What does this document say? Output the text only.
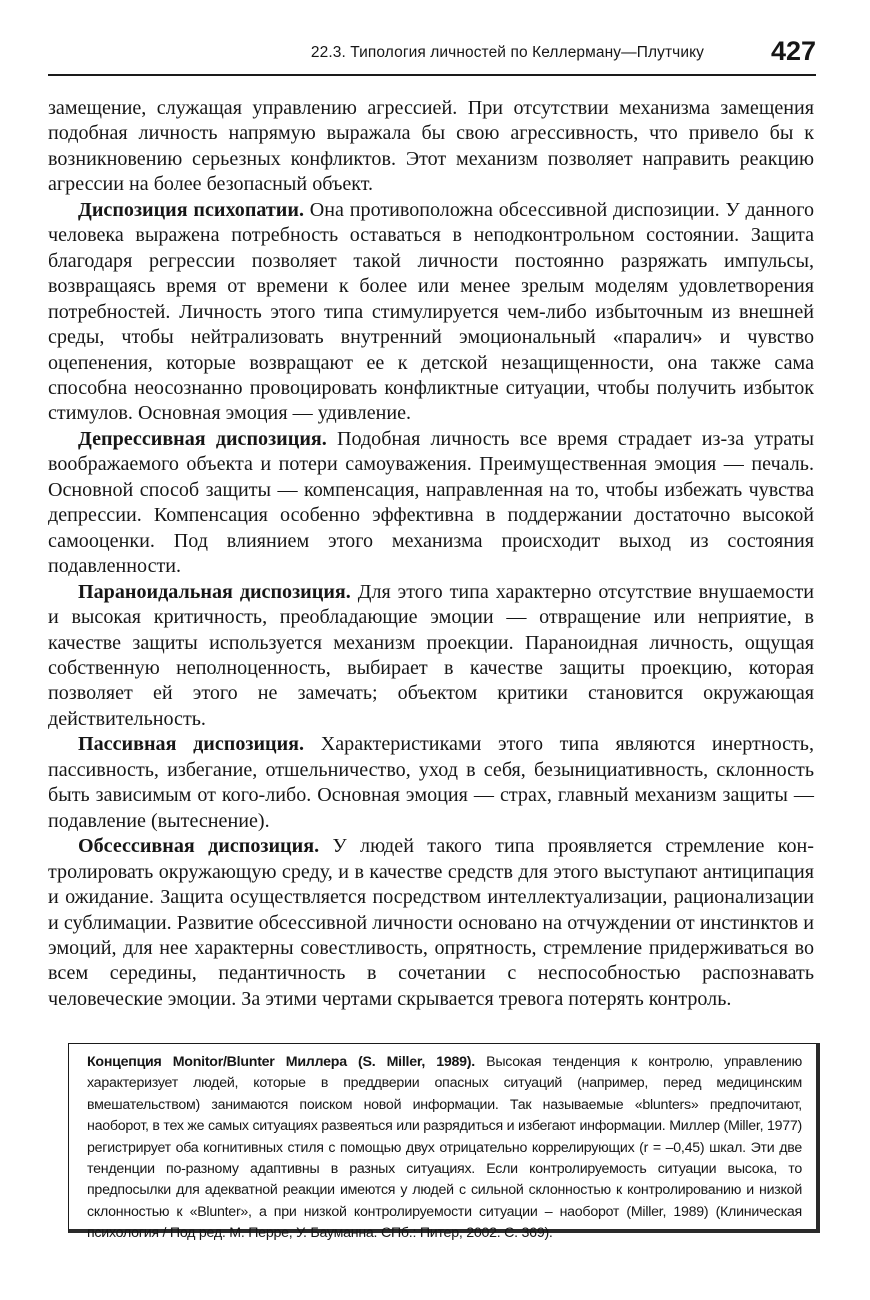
22.3. Типология личностей по Келлерману—Плутчику 427

замещение, служащая управлению агрессией. При отсутствии механизма замещения подобная личность напрямую выражала бы свою агрессивность, что привело бы к возникновению серьезных конфликтов. Этот механизм позволяет направить реакцию агрессии на более безопасный объект.

Диспозиция психопатии. Она противоположна обсессивной диспозиции. У данного человека выражена потребность оставаться в неподконтрольном состоянии. Защита благодаря регрессии позволяет такой личности постоянно разряжать импульсы, возвращаясь время от времени к более или менее зрелым моделям удовлетворения потребностей. Личность этого типа стимулируется чем-либо избыточным из внешней среды, чтобы нейтрализовать внутренний эмоциональный «паралич» и чувство оцепенения, которые возвращают ее к детской незащищенности, она также сама способна неосознанно провоцировать конфликтные ситуации, чтобы получить избыток стимулов. Основная эмоция — удивление.

Депрессивная диспозиция. Подобная личность все время страдает из-за утраты воображаемого объекта и потери самоуважения. Преимущественная эмоция — печаль. Основной способ защиты — компенсация, направленная на то, чтобы избежать чувства депрессии. Компенсация особенно эффективна в поддержании достаточно высокой самооценки. Под влиянием этого механизма происходит выход из состояния подавленности.

Параноидальная диспозиция. Для этого типа характерно отсутствие внушаемости и высокая критичность, преобладающие эмоции — отвращение или неприятие, в качестве защиты используется механизм проекции. Параноидная личность, ощущая собственную неполноценность, выбирает в качестве защиты проекцию, которая позволяет ей этого не замечать; объектом критики становится окружающая действительность.

Пассивная диспозиция. Характеристиками этого типа являются инертность, пассивность, избегание, отшельничество, уход в себя, безынициативность, склонность быть зависимым от кого-либо. Основная эмоция — страх, главный механизм защиты — подавление (вытеснение).

Обсессивная диспозиция. У людей такого типа проявляется стремление контролировать окружающую среду, и в качестве средств для этого выступают антиципация и ожидание. Защита осуществляется посредством интеллектуализации, рационализации и сублимации. Развитие обсессивной личности основано на отчуждении от инстинктов и эмоций, для нее характерны совестливость, опрятность, стремление придерживаться во всем середины, педантичность в сочетании с неспособностью распознавать человеческие эмоции. За этими чертами скрывается тревога потерять контроль.

Концепция Monitor/Blunter Миллера (S. Miller, 1989). Высокая тенденция к контролю, управлению характеризует людей, которые в преддверии опасных ситуаций (например, перед медицинским вмешательством) занимаются поиском новой информации. Так называемые «blunters» предпочитают, наоборот, в тех же самых ситуациях развеяться или разрядиться и избегают информации. Миллер (Miller, 1977) регистрирует оба когнитивных стиля с помощью двух отрицательно коррелирующих (r = –0,45) шкал. Эти две тенденции по-разному адаптивны в разных ситуациях. Если контролируемость ситуации высока, то предпосылки для адекватной реакции имеются у людей с сильной склонностью к контролированию и низкой склонностью к «Blunter», а при низкой контролируемости ситуации – наоборот (Miller, 1989) (Клиническая психология / Под ред. М. Перре, У. Бауманна. СПб.: Питер, 2002. С. 369).
